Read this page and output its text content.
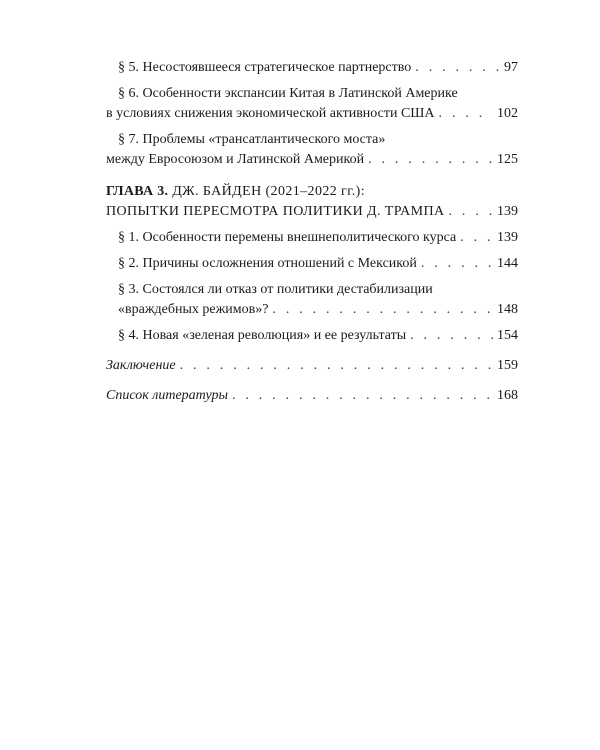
§ 5. Несостоявшееся стратегическое партнерство . . .	97
§ 6. Особенности экспансии Китая в Латинской Америке
в условиях снижения экономической активности США . . .	102
§ 7. Проблемы «трансатлантического моста»
между Евросоюзом и Латинской Америкой . . .	125
ГЛАВА 3. ДЖ. БАЙДЕН (2021–2022 гг.):
ПОПЫТКИ ПЕРЕСМОТРА ПОЛИТИКИ Д. ТРАМПА . . .	139
§ 1. Особенности перемены внешнеполитического курса . . .	139
§ 2. Причины осложнения отношений с Мексикой . . .	144
§ 3. Состоялся ли отказ от политики дестабилизации
«враждебных режимов»? . . .	148
§ 4. Новая «зеленая революция» и ее результаты . . .	154
Заключение . . .	159
Список литературы . . .	168
